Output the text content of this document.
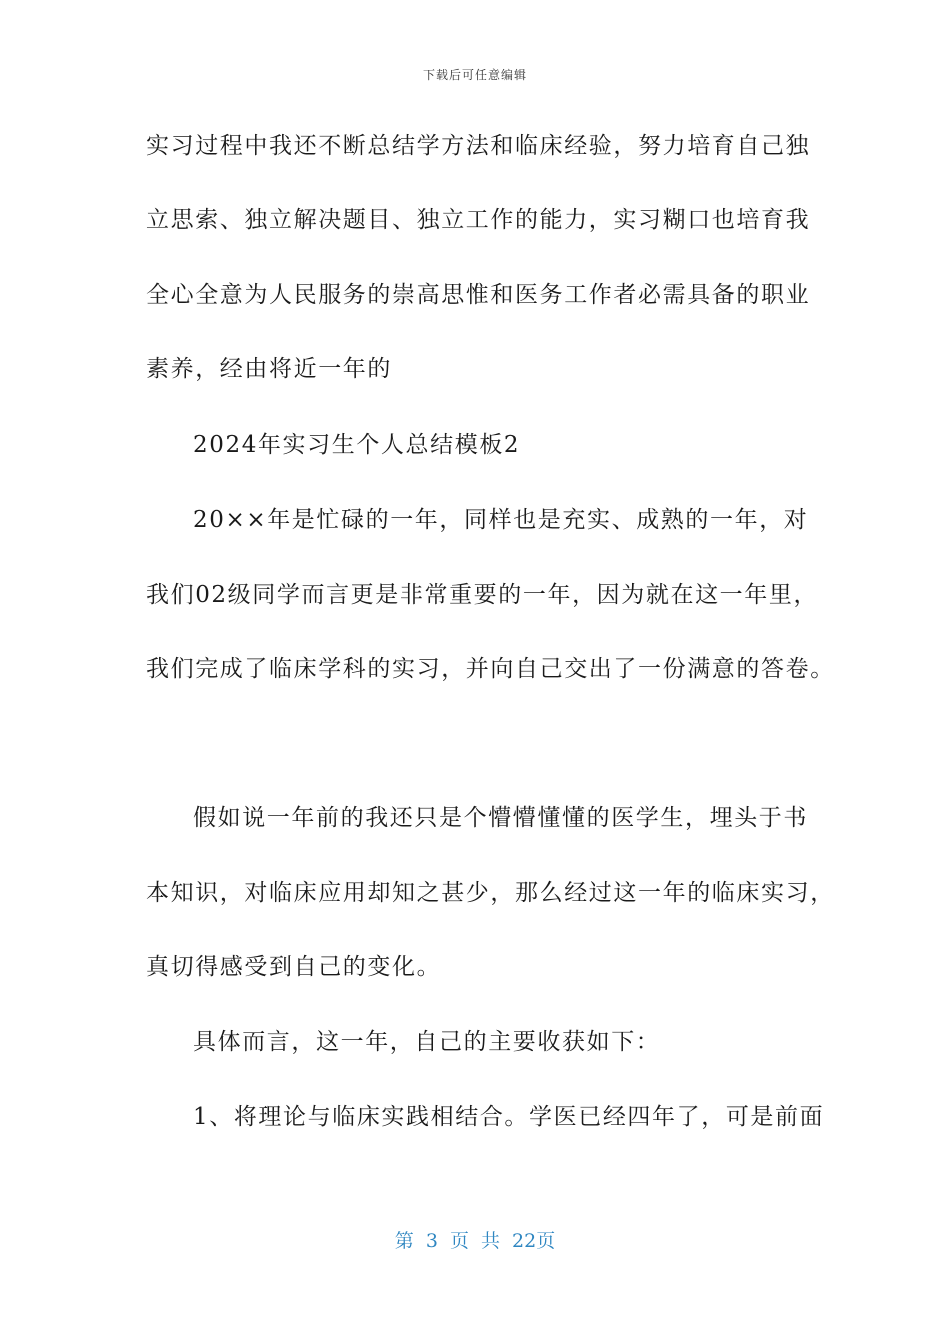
下载后可任意编辑
实习过程中我还不断总结学方法和临床经验，努力培育自己独
立思索、独立解决题目、独立工作的能力，实习糊口也培育我
全心全意为人民服务的崇高思惟和医务工作者必需具备的职业
素养，经由将近一年的
2024年实习生个人总结模板2
20××年是忙碌的一年，同样也是充实、成熟的一年，对
我们02级同学而言更是非常重要的一年，因为就在这一年里，
我们完成了临床学科的实习，并向自己交出了一份满意的答卷。
假如说一年前的我还只是个懵懵懂懂的医学生，埋头于书
本知识，对临床应用却知之甚少，那么经过这一年的临床实习，
真切得感受到自己的变化。
具体而言，这一年，自己的主要收获如下：
1、将理论与临床实践相结合。学医已经四年了，可是前面
第 3 页 共 22页
